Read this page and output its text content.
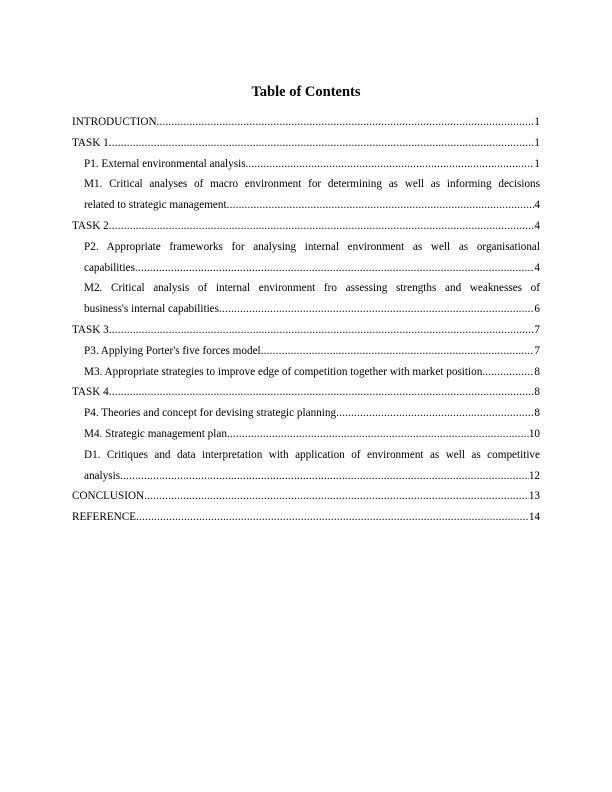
Table of Contents
INTRODUCTION .....	1
TASK 1 .....	1
P1. External environmental analysis. .....	1
M1. Critical analyses of macro environment for determining as well as informing decisions
related to strategic management .....	4
TASK 2 .....	4
P2. Appropriate frameworks for analysing internal environment as well as organisational
capabilities .....	4
M2. Critical analysis of internal environment fro assessing strengths and weaknesses of
business's internal capabilities .....	6
TASK 3 .....	7
P3. Applying Porter's five forces model .....	7
M3. Appropriate strategies to improve edge of competition together with market position .....	8
TASK 4 .....	8
P4. Theories and concept for devising strategic planning .....	8
M4. Strategic management plan .....	10
D1. Critiques and data interpretation with application of environment as well as competitive
analysis .....	12
CONCLUSION .....	13
REFERENCE .....	14
